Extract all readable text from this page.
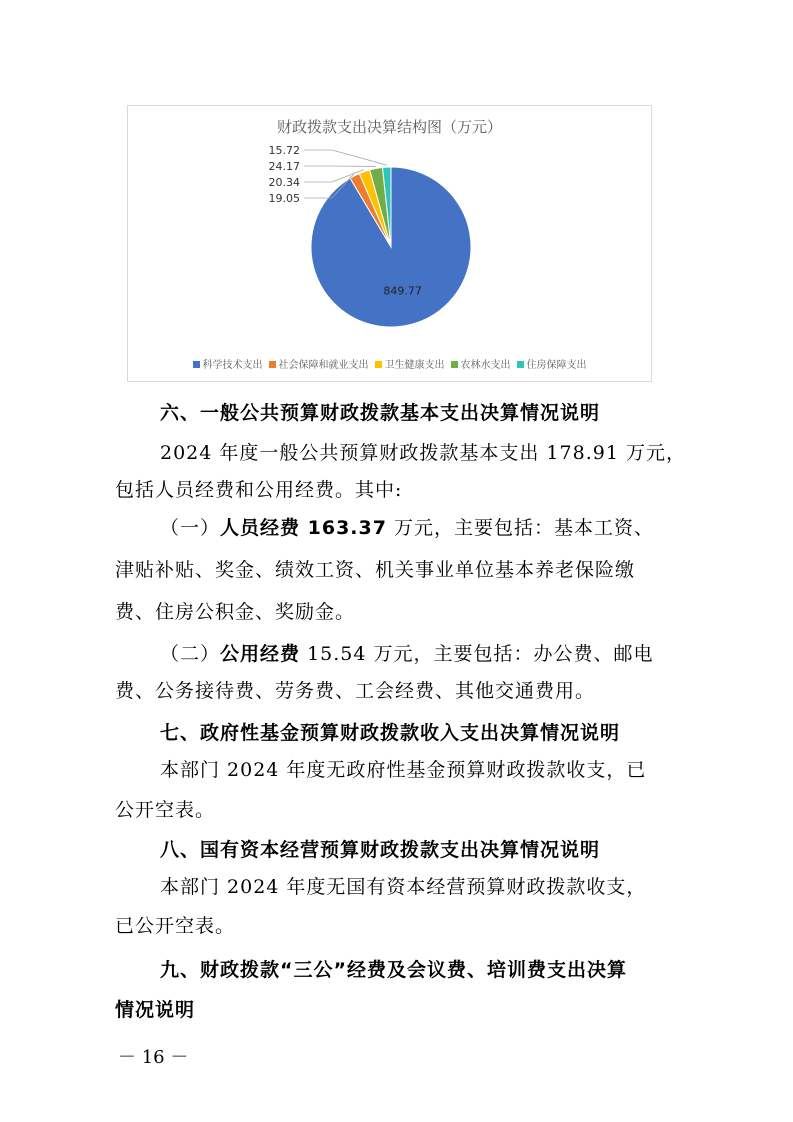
财政拨款支出决算结构图（万元）
849.77
19.05
20.34
24.17
15.72
科学技术支出 社会保障和就业支出 卫生健康支出 农林水支出 住房保障支出
六、一般公共预算财政拨款基本支出决算情况说明
2024 年度一般公共预算财政拨款基本支出 178.91 万元，
包括人员经费和公用经费。其中:
（一）人员经费 163.37 万元，主要包括：基本工资、
津贴补贴、奖金、绩效工资、机关事业单位基本养老保险缴
费、住房公积金、奖励金。
（二）公用经费 15.54 万元，主要包括：办公费、邮电
费、公务接待费、劳务费、工会经费、其他交通费用。
七、政府性基金预算财政拨款收入支出决算情况说明
本部门 2024 年度无政府性基金预算财政拨款收支，已
公开空表。
八、国有资本经营预算财政拨款支出决算情况说明
本部门 2024 年度无国有资本经营预算财政拨款收支，
已公开空表。
九、财政拨款“三公”经费及会议费、培训费支出决算
情况说明
－ 16 －
